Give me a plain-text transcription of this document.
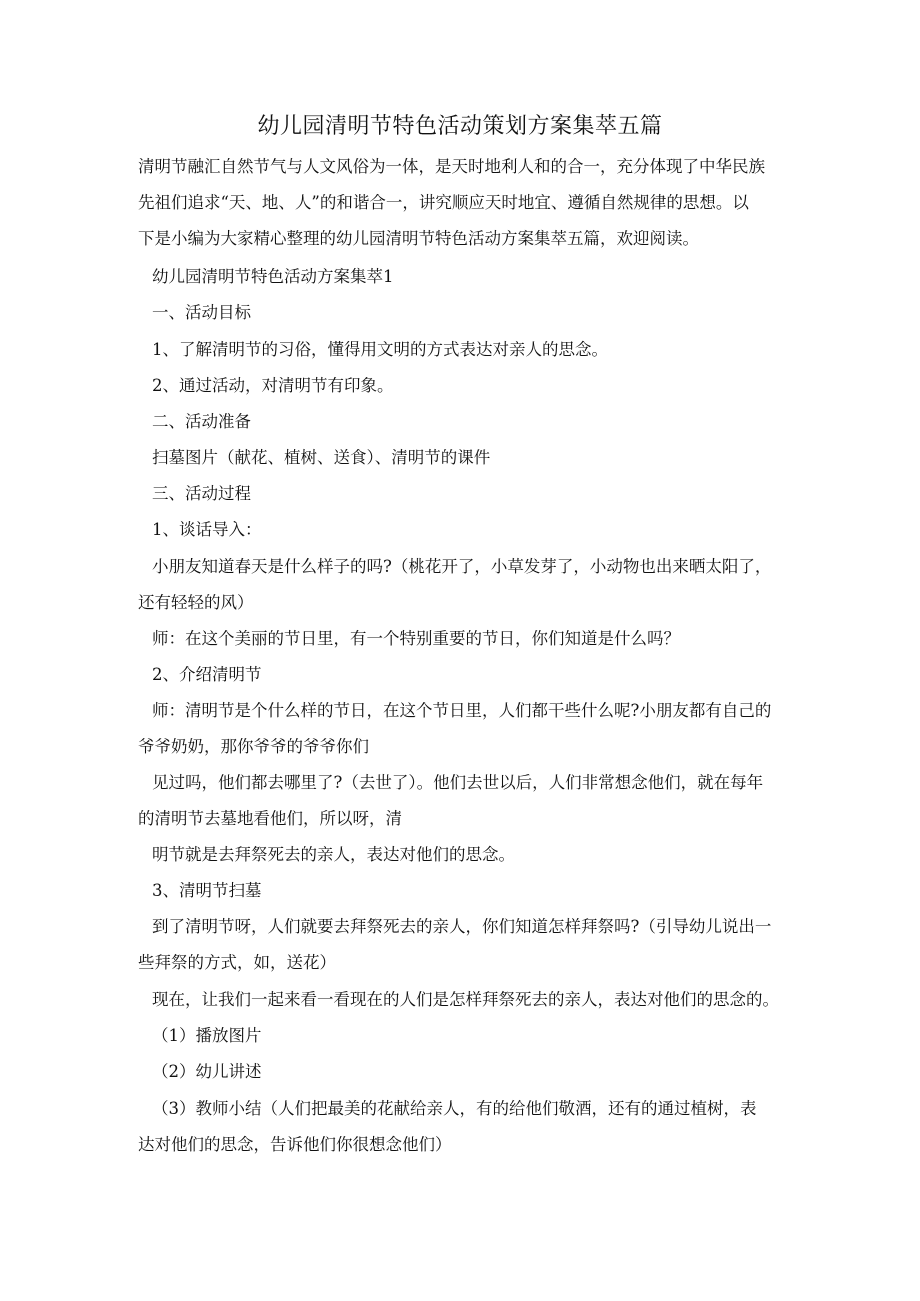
幼儿园清明节特色活动策划方案集萃五篇

清明节融汇自然节气与人文风俗为一体，是天时地利人和的合一，充分体现了中华民族

先祖们追求“天、地、人”的和谐合一，讲究顺应天时地宜、遵循自然规律的思想。以

下是小编为大家精心整理的幼儿园清明节特色活动方案集萃五篇，欢迎阅读。

幼儿园清明节特色活动方案集萃1

一、活动目标

1、了解清明节的习俗，懂得用文明的方式表达对亲人的思念。

2、通过活动，对清明节有印象。

二、活动准备

扫墓图片（献花、植树、送食）、清明节的课件

三、活动过程

1、谈话导入：

小朋友知道春天是什么样子的吗?（桃花开了，小草发芽了，小动物也出来晒太阳了，

还有轻轻的风）

师：在这个美丽的节日里，有一个特别重要的节日，你们知道是什么吗？

2、介绍清明节

师：清明节是个什么样的节日，在这个节日里，人们都干些什么呢?小朋友都有自己的

爷爷奶奶，那你爷爷的爷爷你们

见过吗，他们都去哪里了?（去世了）。他们去世以后，人们非常想念他们，就在每年

的清明节去墓地看他们，所以呀，清

明节就是去拜祭死去的亲人，表达对他们的思念。

3、清明节扫墓

到了清明节呀，人们就要去拜祭死去的亲人，你们知道怎样拜祭吗?（引导幼儿说出一

些拜祭的方式，如，送花）

现在，让我们一起来看一看现在的人们是怎样拜祭死去的亲人，表达对他们的思念的。

（1）播放图片

（2）幼儿讲述

（3）教师小结（人们把最美的花献给亲人，有的给他们敬酒，还有的通过植树，表

达对他们的思念，告诉他们你很想念他们）
